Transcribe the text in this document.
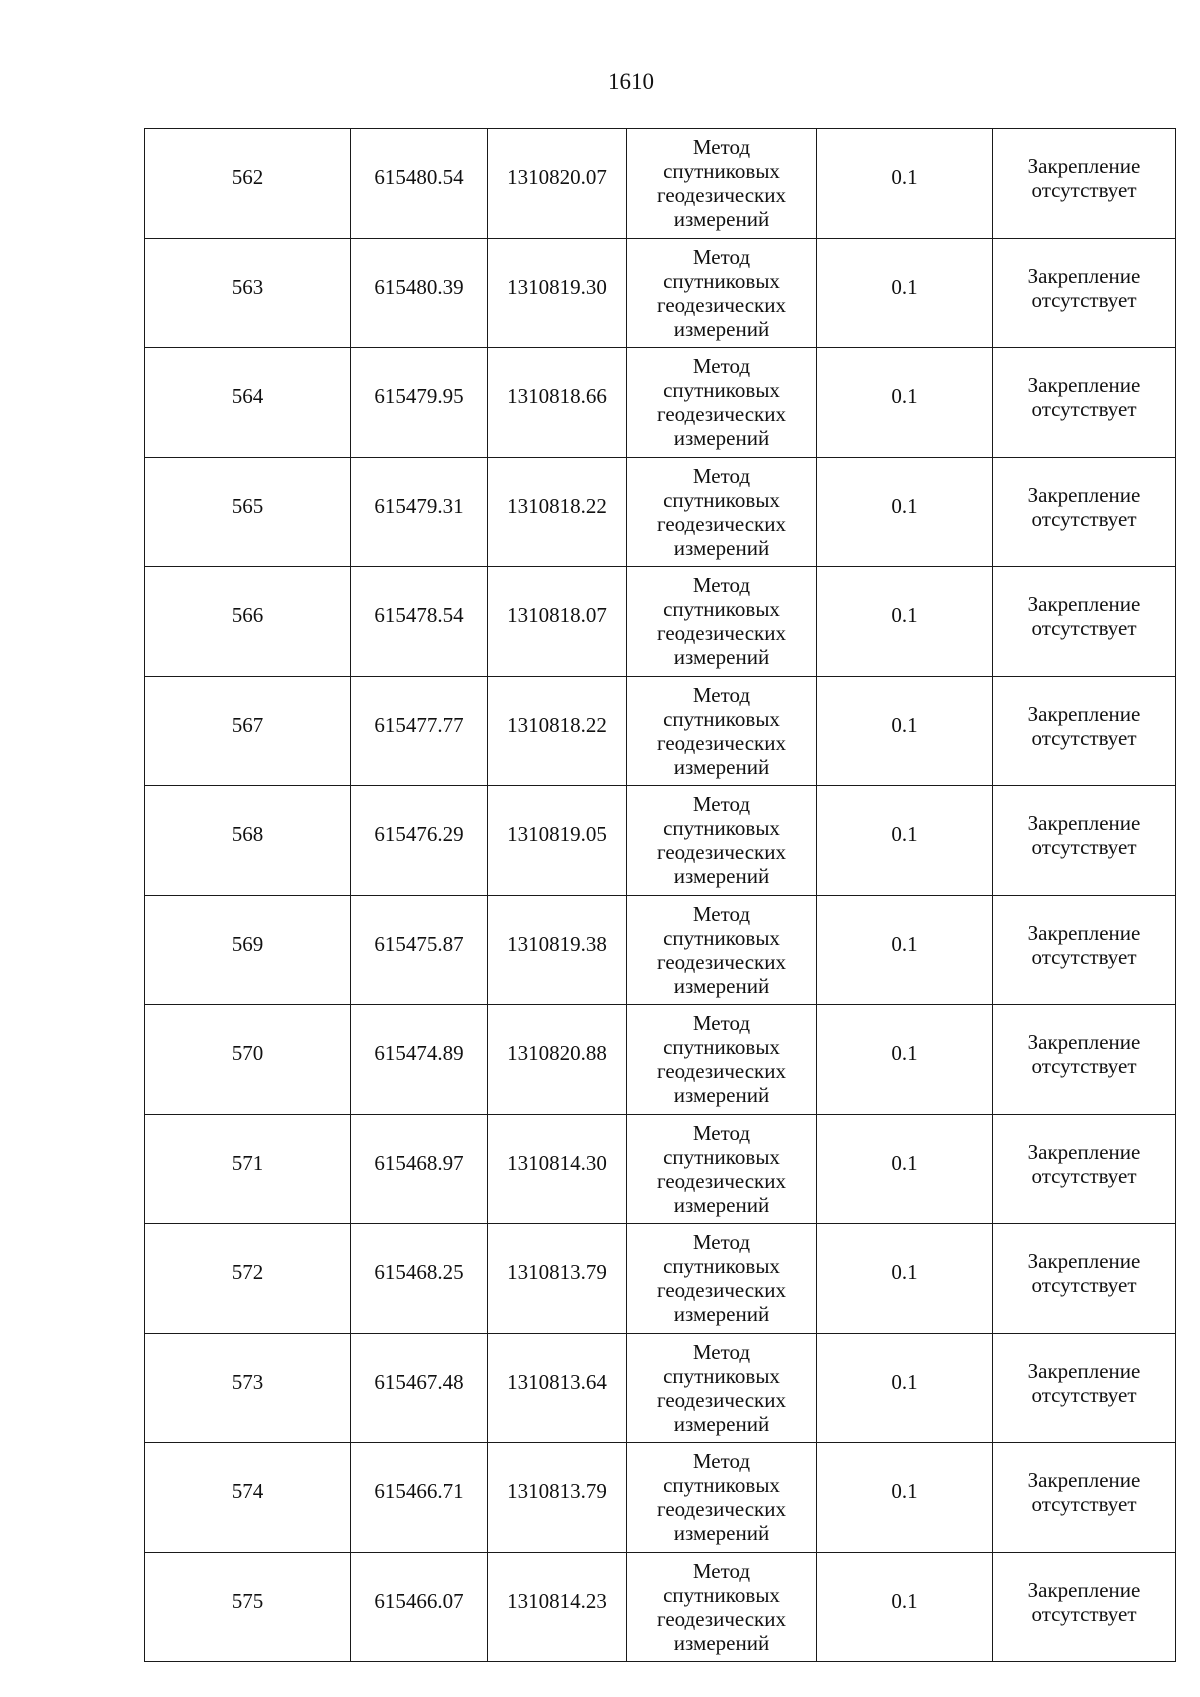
1610
562	615480.54	1310820.07	Метод
спутниковых
геодезических
измерений	0.1	Закрепление
отсутствует

563	615480.39	1310819.30	Метод
спутниковых
геодезических
измерений	0.1	Закрепление
отсутствует

564	615479.95	1310818.66	Метод
спутниковых
геодезических
измерений	0.1	Закрепление
отсутствует

565	615479.31	1310818.22	Метод
спутниковых
геодезических
измерений	0.1	Закрепление
отсутствует

566	615478.54	1310818.07	Метод
спутниковых
геодезических
измерений	0.1	Закрепление
отсутствует

567	615477.77	1310818.22	Метод
спутниковых
геодезических
измерений	0.1	Закрепление
отсутствует

568	615476.29	1310819.05	Метод
спутниковых
геодезических
измерений	0.1	Закрепление
отсутствует

569	615475.87	1310819.38	Метод
спутниковых
геодезических
измерений	0.1	Закрепление
отсутствует

570	615474.89	1310820.88	Метод
спутниковых
геодезических
измерений	0.1	Закрепление
отсутствует

571	615468.97	1310814.30	Метод
спутниковых
геодезических
измерений	0.1	Закрепление
отсутствует

572	615468.25	1310813.79	Метод
спутниковых
геодезических
измерений	0.1	Закрепление
отсутствует

573	615467.48	1310813.64	Метод
спутниковых
геодезических
измерений	0.1	Закрепление
отсутствует

574	615466.71	1310813.79	Метод
спутниковых
геодезических
измерений	0.1	Закрепление
отсутствует

575	615466.07	1310814.23	Метод
спутниковых
геодезических
измерений	0.1	Закрепление
отсутствует
